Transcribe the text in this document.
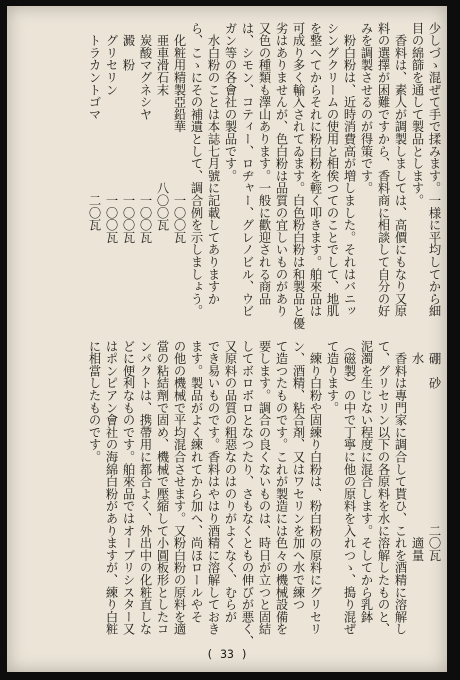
少しづゝ混ぜて手で揉みます。一様に平均してから細
目の綿篩を通して製品とします。
　香料は、素人が調製しましては、高價にもなり又原
料の選擇が困難ですから、香料商に相談して自分の好
みを調製させるのが得策です。
　粉白粉は、近時消費高が増しました。それはバニッ
シングクリームの使用と相俟つてのことでして、地肌
を整へてからそれに粉白粉を輕く叩きます。舶來品は
可成り多く輸入されてゐます。白色粉白粉は和製品と優
劣はありませんが、色白粉は品質の宜しいものがあり
又色の種類も澤山あります。一般に歡迎される商品
は、シモン、コティー、ロヂャー、グレノビル、ウビ
ガン等の各會社の製品です。
　水白粉のことは本誌七月號に記載してありますか
ら、こゝにその補遺として、調合例を示しましょう。
　化粧用精製亞鉛華　　　　　一〇〇瓦
　亜車滑石末　　　　　　　八〇〇瓦
　炭酸マグネシヤ　　　　　　一〇〇瓦
　澱　粉　　　　　　　　　　一〇〇瓦
　グリセリン　　　　　　　　一〇〇瓦
　トラカントゴマ　　　　　　二〇瓦
　硼　砂　　　　　　　　　　　二〇瓦
　水　　　　　　　　　　　　　　適量
　香料は專門家に調合して貰ひ、これを酒精に溶解し
て、グリセリン以下の各原料を水に溶解したものと、
泥濁を生じない程度に混合します。そしてから乳鉢
（磁製）の中で丁寧に他の原料を入れつゝ、搗り混ぜ
て造ります。
　練り白粉や固練り白粉は、粉白粉の原料にグリセリ
ン、酒精、粘合剤、又はワセリンを加へ水で練つ
て造つたものです。これが製造には色々の機械設備を
要します。調合の良くないものは、時日が立つと固結
してボロボロとなつたり、さもなくともの伸びが悪く、
又原料の品質の粗惡なのはのりがよくなく、むらが
でき易いものです。香料はやはり酒精に溶解しておき
ます。製品がよく練れてから加へ、尚ほロールやそ
の他の機械で平均混合させます。又粉白粉の原料を適
當の粘結劑で固め、機械で壓縮して小圓板形としたコ
ンパクトは、携帶用に都合よく、外出中の化粧直しな
どに便利なものです。舶來品ではオーブリシスター又
はポンピアン會社の海綿白粉がありますが、練り白粧
に相當したものです。
( 33 )
